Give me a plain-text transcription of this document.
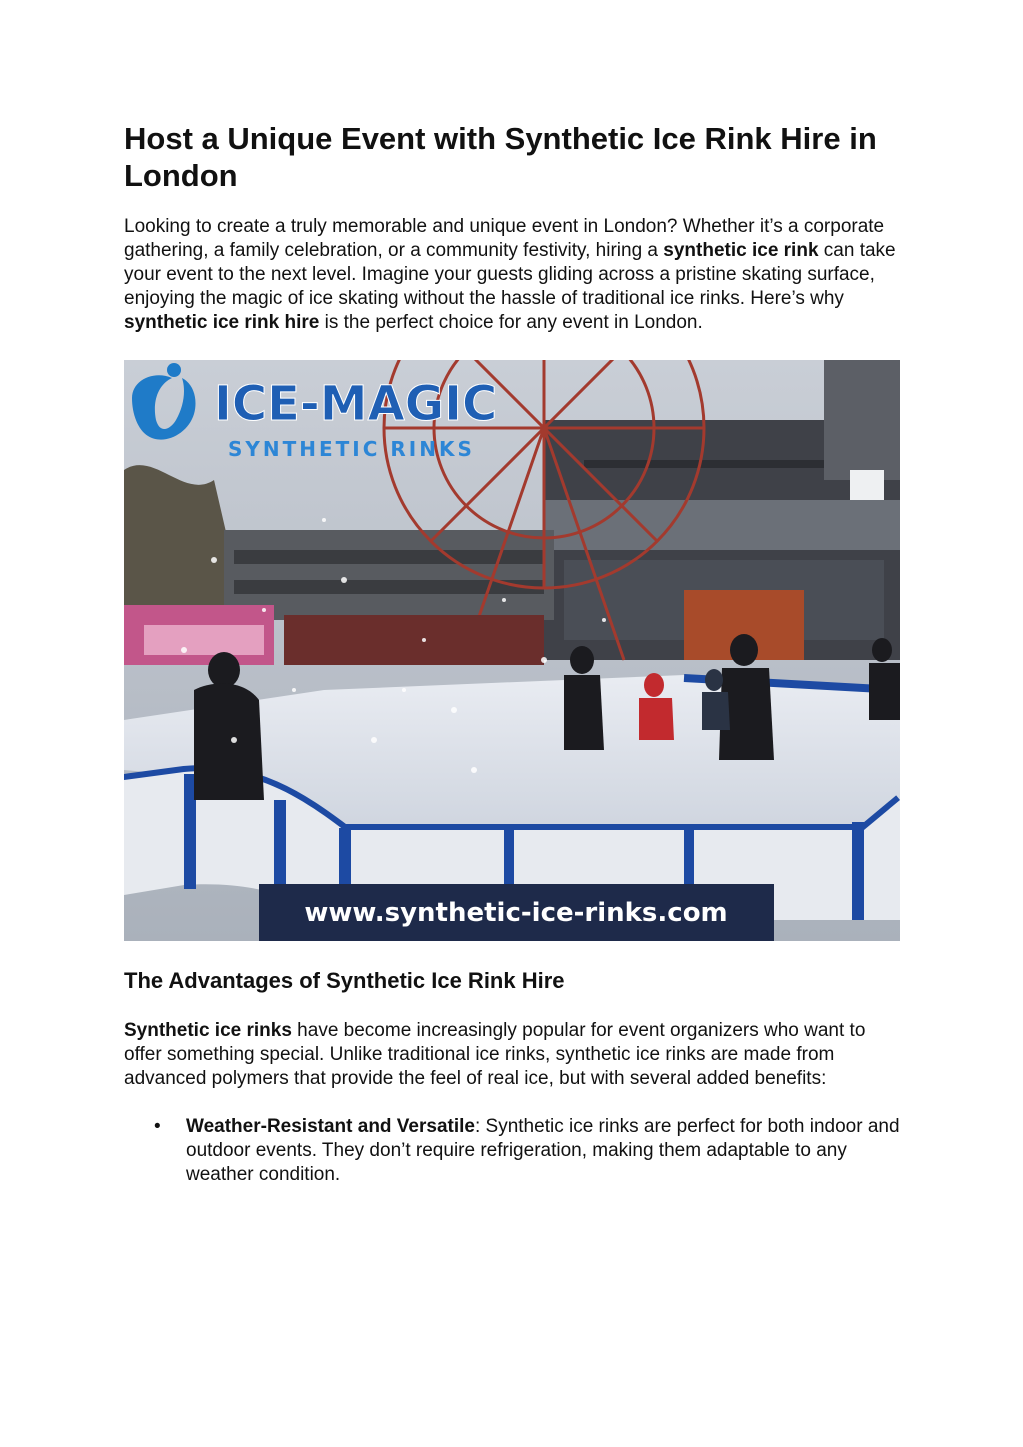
Host a Unique Event with Synthetic Ice Rink Hire in London

Looking to create a truly memorable and unique event in London? Whether it’s a corporate gathering, a family celebration, or a community festivity, hiring a synthetic ice rink can take your event to the next level. Imagine your guests gliding across a pristine skating surface, enjoying the magic of ice skating without the hassle of traditional ice rinks. Here’s why synthetic ice rink hire is the perfect choice for any event in London.

ICE-MAGIC
SYNTHETIC RINKS
www.synthetic-ice-rinks.com
The Advantages of Synthetic Ice Rink Hire

Synthetic ice rinks have become increasingly popular for event organizers who want to offer something special. Unlike traditional ice rinks, synthetic ice rinks are made from advanced polymers that provide the feel of real ice, but with several added benefits:

• Weather-Resistant and Versatile: Synthetic ice rinks are perfect for both indoor and outdoor events. They don’t require refrigeration, making them adaptable to any weather condition.
